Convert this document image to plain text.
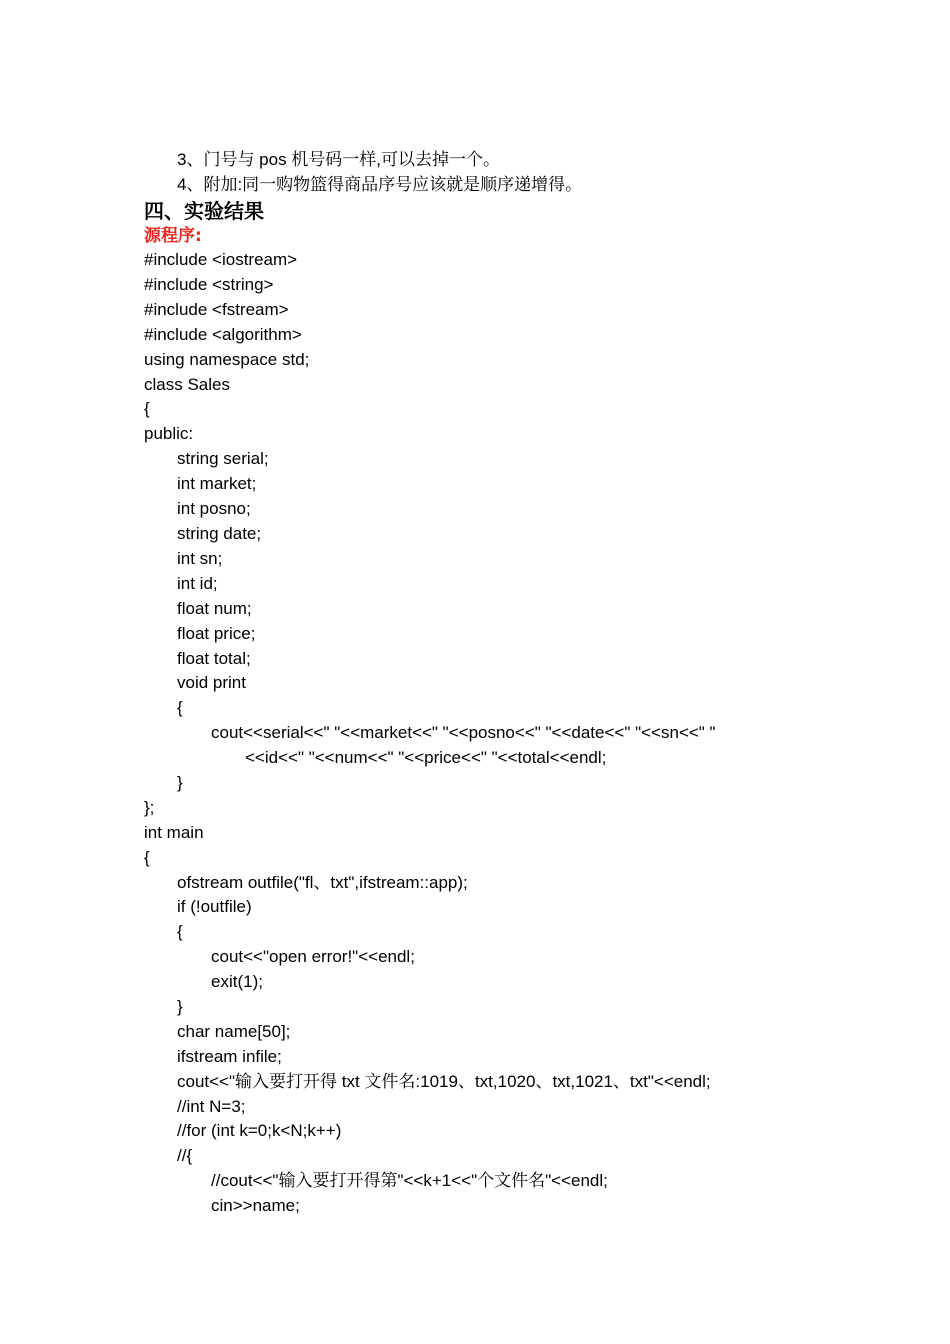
3、门号与 pos 机号码一样,可以去掉一个。
4、附加:同一购物篮得商品序号应该就是顺序递增得。
四、实验结果
源程序:
#include <iostream>
#include <string>
#include <fstream>
#include <algorithm>
using namespace std;
class Sales
{
public:
string serial;
int market;
int posno;
string date;
int sn;
int id;
float num;
float price;
float total;
void print
{
cout<<serial<<" "<<market<<" "<<posno<<" "<<date<<" "<<sn<<" "
<<id<<" "<<num<<" "<<price<<" "<<total<<endl;
}
};
int main
{
ofstream outfile("fl、txt",ifstream::app);
if (!outfile)
{
cout<<"open error!"<<endl;
exit(1);
}
char name[50];
ifstream infile;
cout<<"输入要打开得 txt 文件名:1019、txt,1020、txt,1021、txt"<<endl;
//int N=3;
//for (int k=0;k<N;k++)
//{
//cout<<"输入要打开得第"<<k+1<<"个文件名"<<endl;
cin>>name;
